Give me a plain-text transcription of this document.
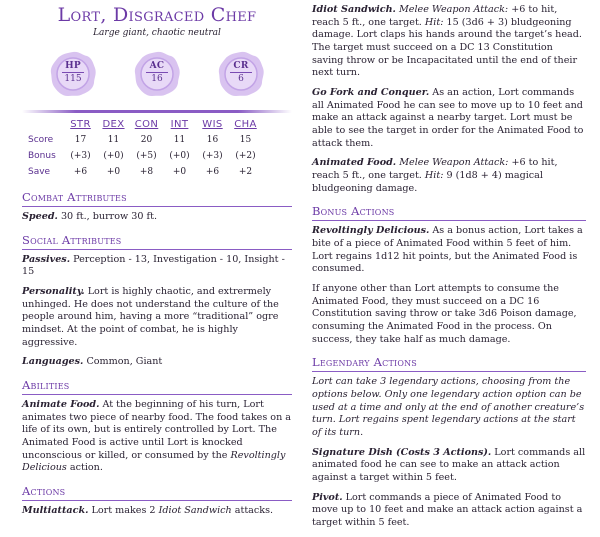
Lort, Disgraced Chef
Large giant, chaotic neutral
HP
115
AC
16
CR
6
	STR	DEX	CON	INT	WIS	CHA
Score	17	11	20	11	16	15
Bonus	(+3)	(+0)	(+5)	(+0)	(+3)	(+2)
Save	+6	+0	+8	+0	+6	+2
Combat Attributes

Speed. 30 ft., burrow 30 ft.

Social Attributes

Passives. Perception - 13, Investigation - 10, Insight - 15

Personality. Lort is highly chaotic, and extrermely unhinged. He does not understand the culture of the people around him, having a more “traditional” ogre mindset. At the point of combat, he is highly aggressive.

Languages. Common, Giant

Abilities

Animate Food. At the beginning of his turn, Lort animates two piece of nearby food. The food takes on a life of its own, but is entirely controlled by Lort. The Animated Food is active until Lort is knocked unconscious or killed, or consumed by the Revoltingly Delicious action.

Actions

Multiattack. Lort makes 2 Idiot Sandwich attacks.

Idiot Sandwich. Melee Weapon Attack: +6 to hit, reach 5 ft., one target. Hit: 15 (3d6 + 3) bludgeoning damage. Lort claps his hands around the target’s head. The target must succeed on a DC 13 Constitution saving throw or be Incapacitated until the end of their next turn.

Go Fork and Conquer. As an action, Lort commands all Animated Food he can see to move up to 10 feet and make an attack against a nearby target. Lort must be able to see the target in order for the Animated Food to attack them.

Animated Food. Melee Weapon Attack: +6 to hit, reach 5 ft., one target. Hit: 9 (1d8 + 4) magical bludgeoning damage.

Bonus Actions

Revoltingly Delicious. As a bonus action, Lort takes a bite of a piece of Animated Food within 5 feet of him. Lort regains 1d12 hit points, but the Animated Food is consumed.

If anyone other than Lort attempts to consume the Animated Food, they must succeed on a DC 16 Constitution saving throw or take 3d6 Poison damage, consuming the Animated Food in the process. On success, they take half as much damage.

Legendary Actions

Lort can take 3 legendary actions, choosing from the options below. Only one legendary action option can be used at a time and only at the end of another creature’s turn. Lort regains spent legendary actions at the start of its turn.

Signature Dish (Costs 3 Actions). Lort commands all animated food he can see to make an attack action against a target within 5 feet.

Pivot. Lort commands a piece of Animated Food to move up to 10 feet and make an attack action against a target within 5 feet.
